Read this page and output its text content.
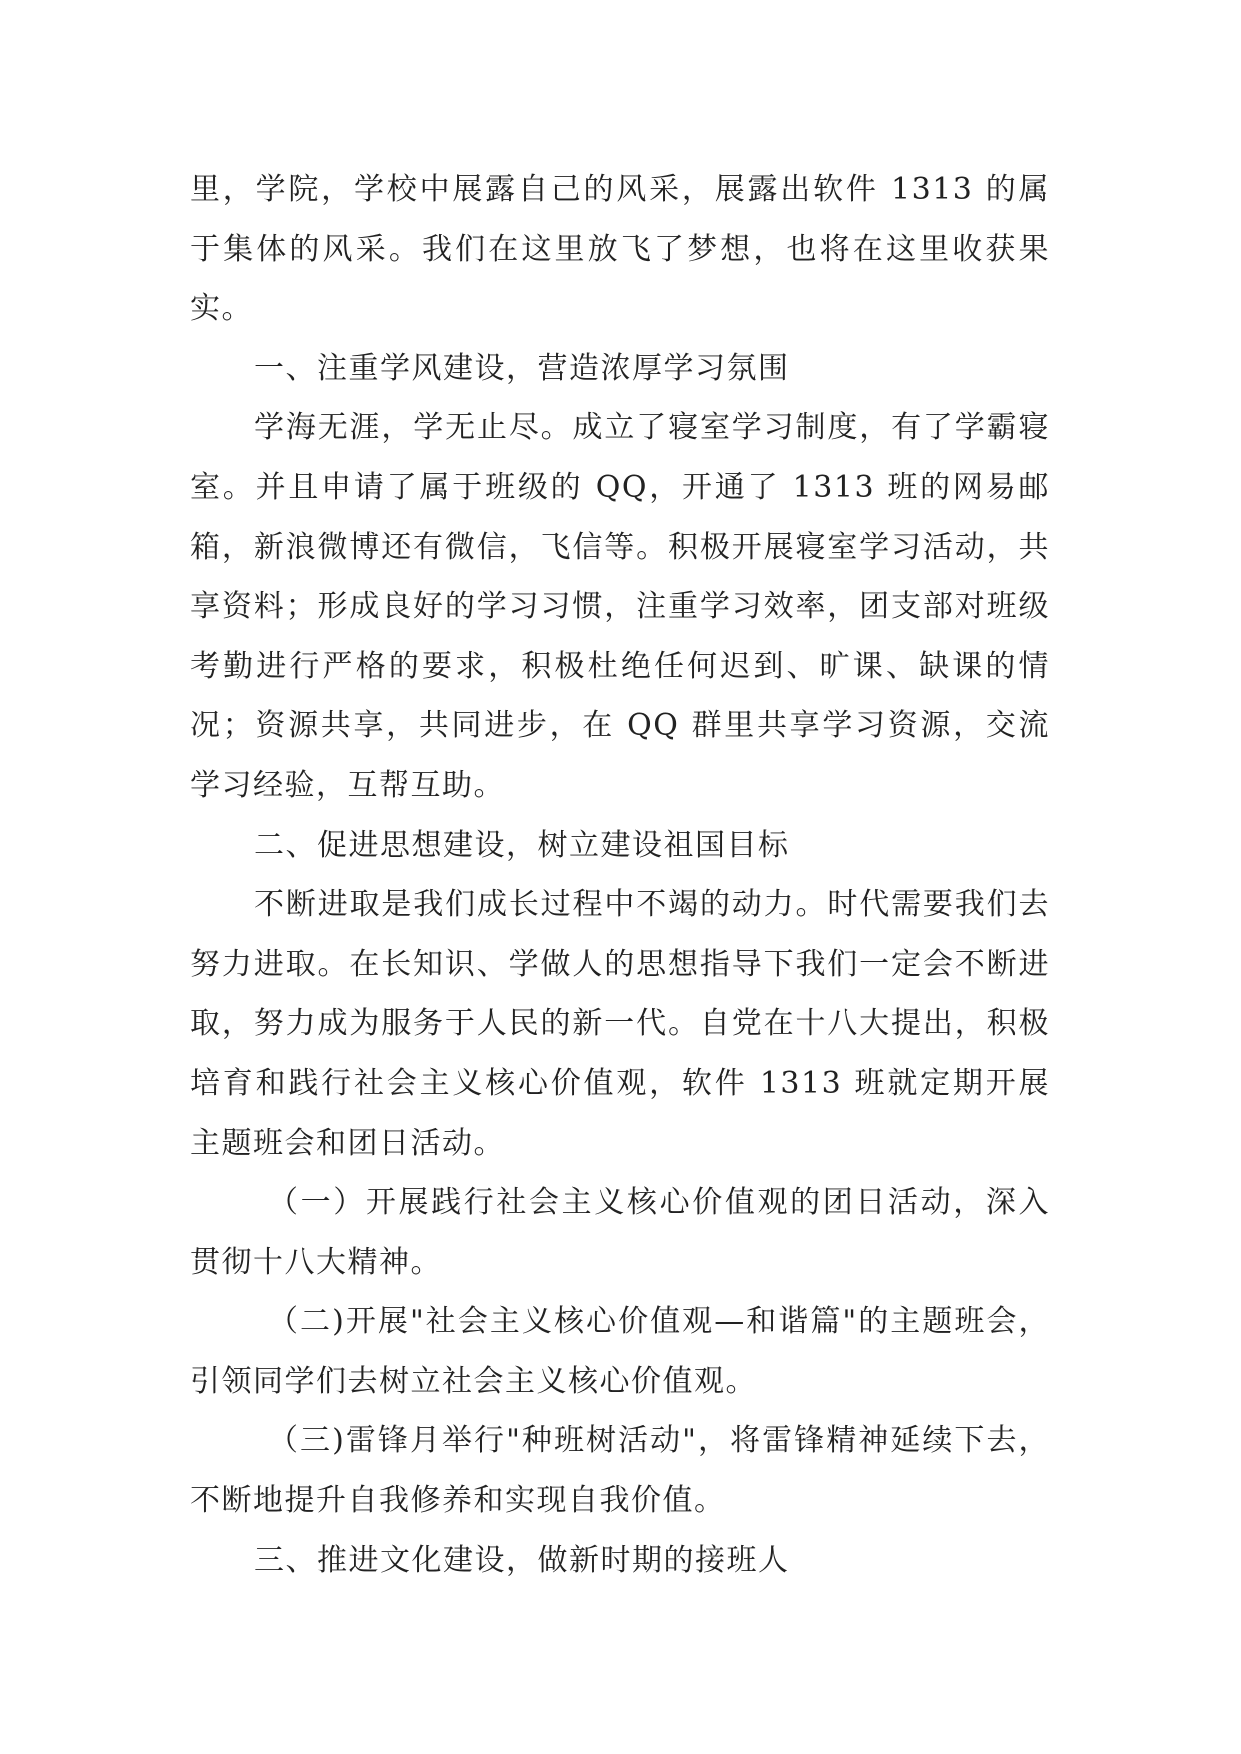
里，学院，学校中展露自己的风采，展露出软件 1313 的属于集体的风采。我们在这里放飞了梦想，也将在这里收获果实。

一、注重学风建设，营造浓厚学习氛围

学海无涯，学无止尽。成立了寝室学习制度，有了学霸寝室。并且申请了属于班级的 QQ，开通了 1313 班的网易邮箱，新浪微博还有微信，飞信等。积极开展寝室学习活动，共享资料；形成良好的学习习惯，注重学习效率，团支部对班级考勤进行严格的要求，积极杜绝任何迟到、旷课、缺课的情况；资源共享，共同进步，在 QQ 群里共享学习资源，交流学习经验，互帮互助。

二、促进思想建设，树立建设祖国目标

不断进取是我们成长过程中不竭的动力。时代需要我们去努力进取。在长知识、学做人的思想指导下我们一定会不断进取，努力成为服务于人民的新一代。自党在十八大提出，积极培育和践行社会主义核心价值观，软件 1313 班就定期开展主题班会和团日活动。

（一）开展践行社会主义核心价值观的团日活动，深入贯彻十八大精神。

（二)开展"社会主义核心价值观—和谐篇"的主题班会，引领同学们去树立社会主义核心价值观。

（三)雷锋月举行"种班树活动"，将雷锋精神延续下去，不断地提升自我修养和实现自我价值。

三、推进文化建设，做新时期的接班人
